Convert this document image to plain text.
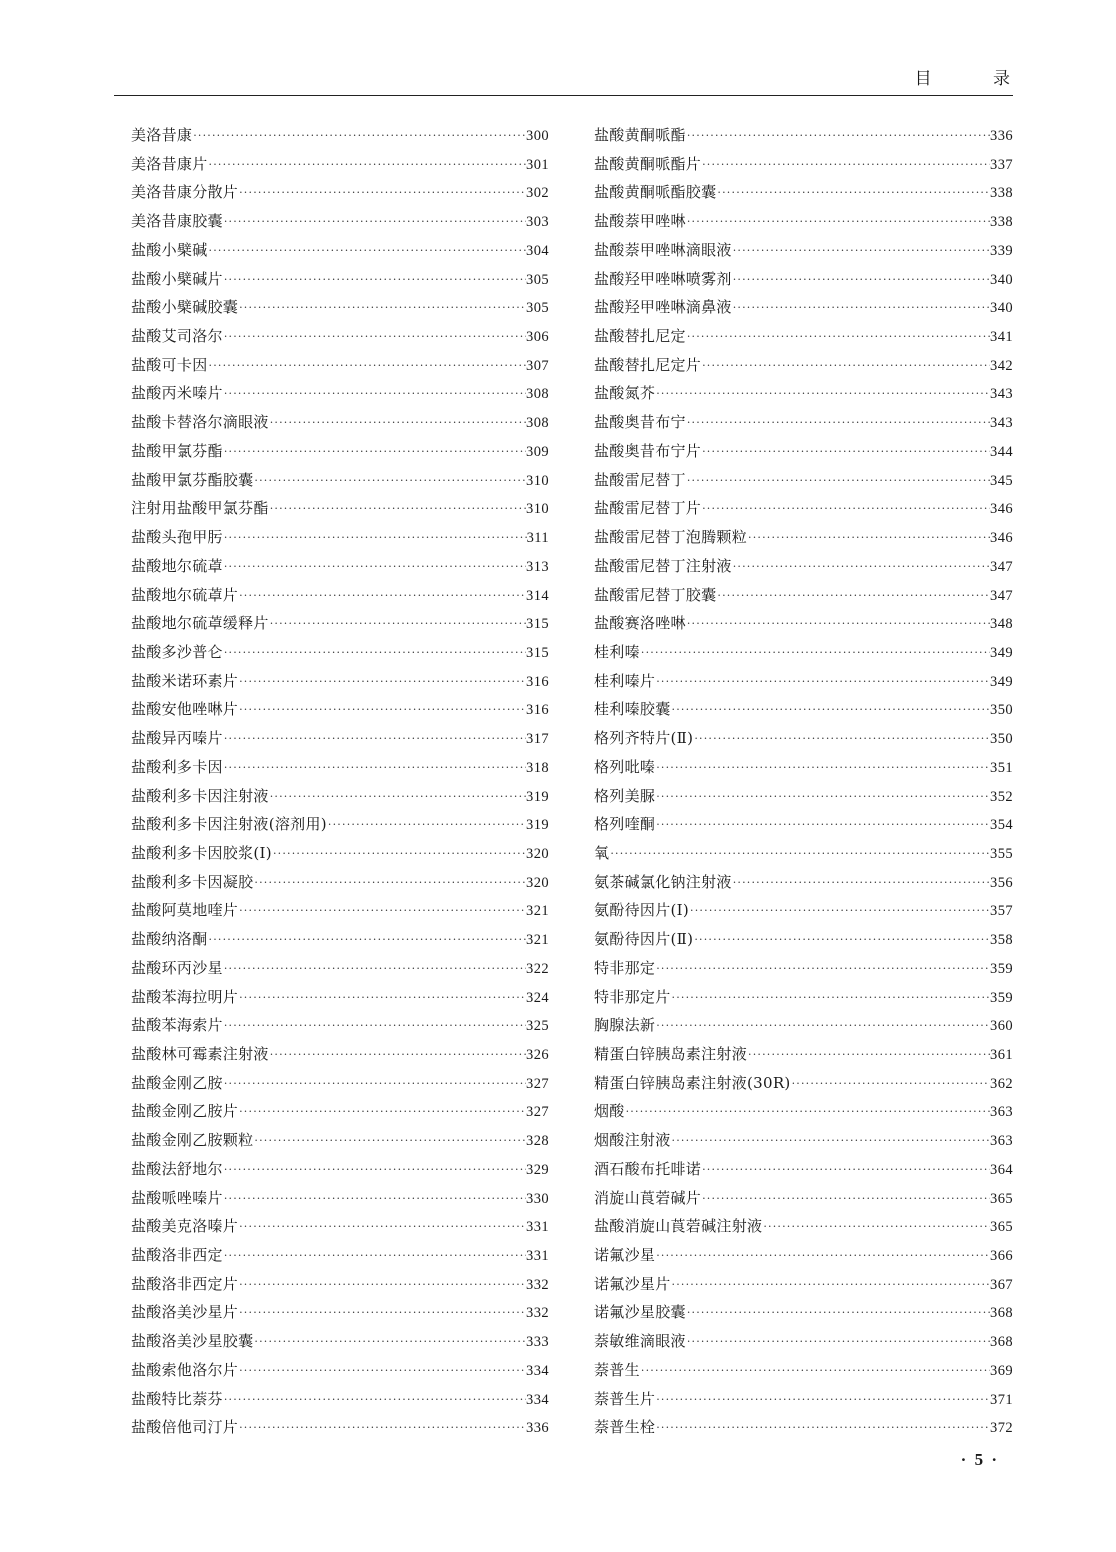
目 录
美洛昔康 ·····	300
美洛昔康片 ·····	301
美洛昔康分散片 ·····	302
美洛昔康胶囊 ·····	303
盐酸小檗碱 ·····	304
盐酸小檗碱片 ·····	305
盐酸小檗碱胶囊 ·····	305
盐酸艾司洛尔 ·····	306
盐酸可卡因 ·····	307
盐酸丙米嗪片 ·····	308
盐酸卡替洛尔滴眼液 ·····	308
盐酸甲氯芬酯 ·····	309
盐酸甲氯芬酯胶囊 ·····	310
注射用盐酸甲氯芬酯 ·····	310
盐酸头孢甲肟 ·····	311
盐酸地尔硫䓬 ·····	313
盐酸地尔硫䓬片 ·····	314
盐酸地尔硫䓬缓释片 ·····	315
盐酸多沙普仑 ·····	315
盐酸米诺环素片 ·····	316
盐酸安他唑啉片 ·····	316
盐酸异丙嗪片 ·····	317
盐酸利多卡因 ·····	318
盐酸利多卡因注射液 ·····	319
盐酸利多卡因注射液(溶剂用) ·····	319
盐酸利多卡因胶浆(Ⅰ) ·····	320
盐酸利多卡因凝胶 ·····	320
盐酸阿莫地喹片 ·····	321
盐酸纳洛酮 ·····	321
盐酸环丙沙星 ·····	322
盐酸苯海拉明片 ·····	324
盐酸苯海索片 ·····	325
盐酸林可霉素注射液 ·····	326
盐酸金刚乙胺 ·····	327
盐酸金刚乙胺片 ·····	327
盐酸金刚乙胺颗粒 ·····	328
盐酸法舒地尔 ·····	329
盐酸哌唑嗪片 ·····	330
盐酸美克洛嗪片 ·····	331
盐酸洛非西定 ·····	331
盐酸洛非西定片 ·····	332
盐酸洛美沙星片 ·····	332
盐酸洛美沙星胶囊 ·····	333
盐酸索他洛尔片 ·····	334
盐酸特比萘芬 ·····	334
盐酸倍他司汀片 ·····	336
盐酸黄酮哌酯 ·····	336
盐酸黄酮哌酯片 ·····	337
盐酸黄酮哌酯胶囊 ·····	338
盐酸萘甲唑啉 ·····	338
盐酸萘甲唑啉滴眼液 ·····	339
盐酸羟甲唑啉喷雾剂 ·····	340
盐酸羟甲唑啉滴鼻液 ·····	340
盐酸替扎尼定 ·····	341
盐酸替扎尼定片 ·····	342
盐酸氮芥 ·····	343
盐酸奥昔布宁 ·····	343
盐酸奥昔布宁片 ·····	344
盐酸雷尼替丁 ·····	345
盐酸雷尼替丁片 ·····	346
盐酸雷尼替丁泡腾颗粒 ·····	346
盐酸雷尼替丁注射液 ·····	347
盐酸雷尼替丁胶囊 ·····	347
盐酸赛洛唑啉 ·····	348
桂利嗪 ·····	349
桂利嗪片 ·····	349
桂利嗪胶囊 ·····	350
格列齐特片(Ⅱ) ·····	350
格列吡嗪 ·····	351
格列美脲 ·····	352
格列喹酮 ·····	354
氧 ·····	355
氨茶碱氯化钠注射液 ·····	356
氨酚待因片(Ⅰ) ·····	357
氨酚待因片(Ⅱ) ·····	358
特非那定 ·····	359
特非那定片 ·····	359
胸腺法新 ·····	360
精蛋白锌胰岛素注射液 ·····	361
精蛋白锌胰岛素注射液(30R) ·····	362
烟酸 ·····	363
烟酸注射液 ·····	363
酒石酸布托啡诺 ·····	364
消旋山莨菪碱片 ·····	365
盐酸消旋山莨菪碱注射液 ·····	365
诺氟沙星 ·····	366
诺氟沙星片 ·····	367
诺氟沙星胶囊 ·····	368
萘敏维滴眼液 ·····	368
萘普生 ·····	369
萘普生片 ·····	371
萘普生栓 ·····	372
· 5 ·
